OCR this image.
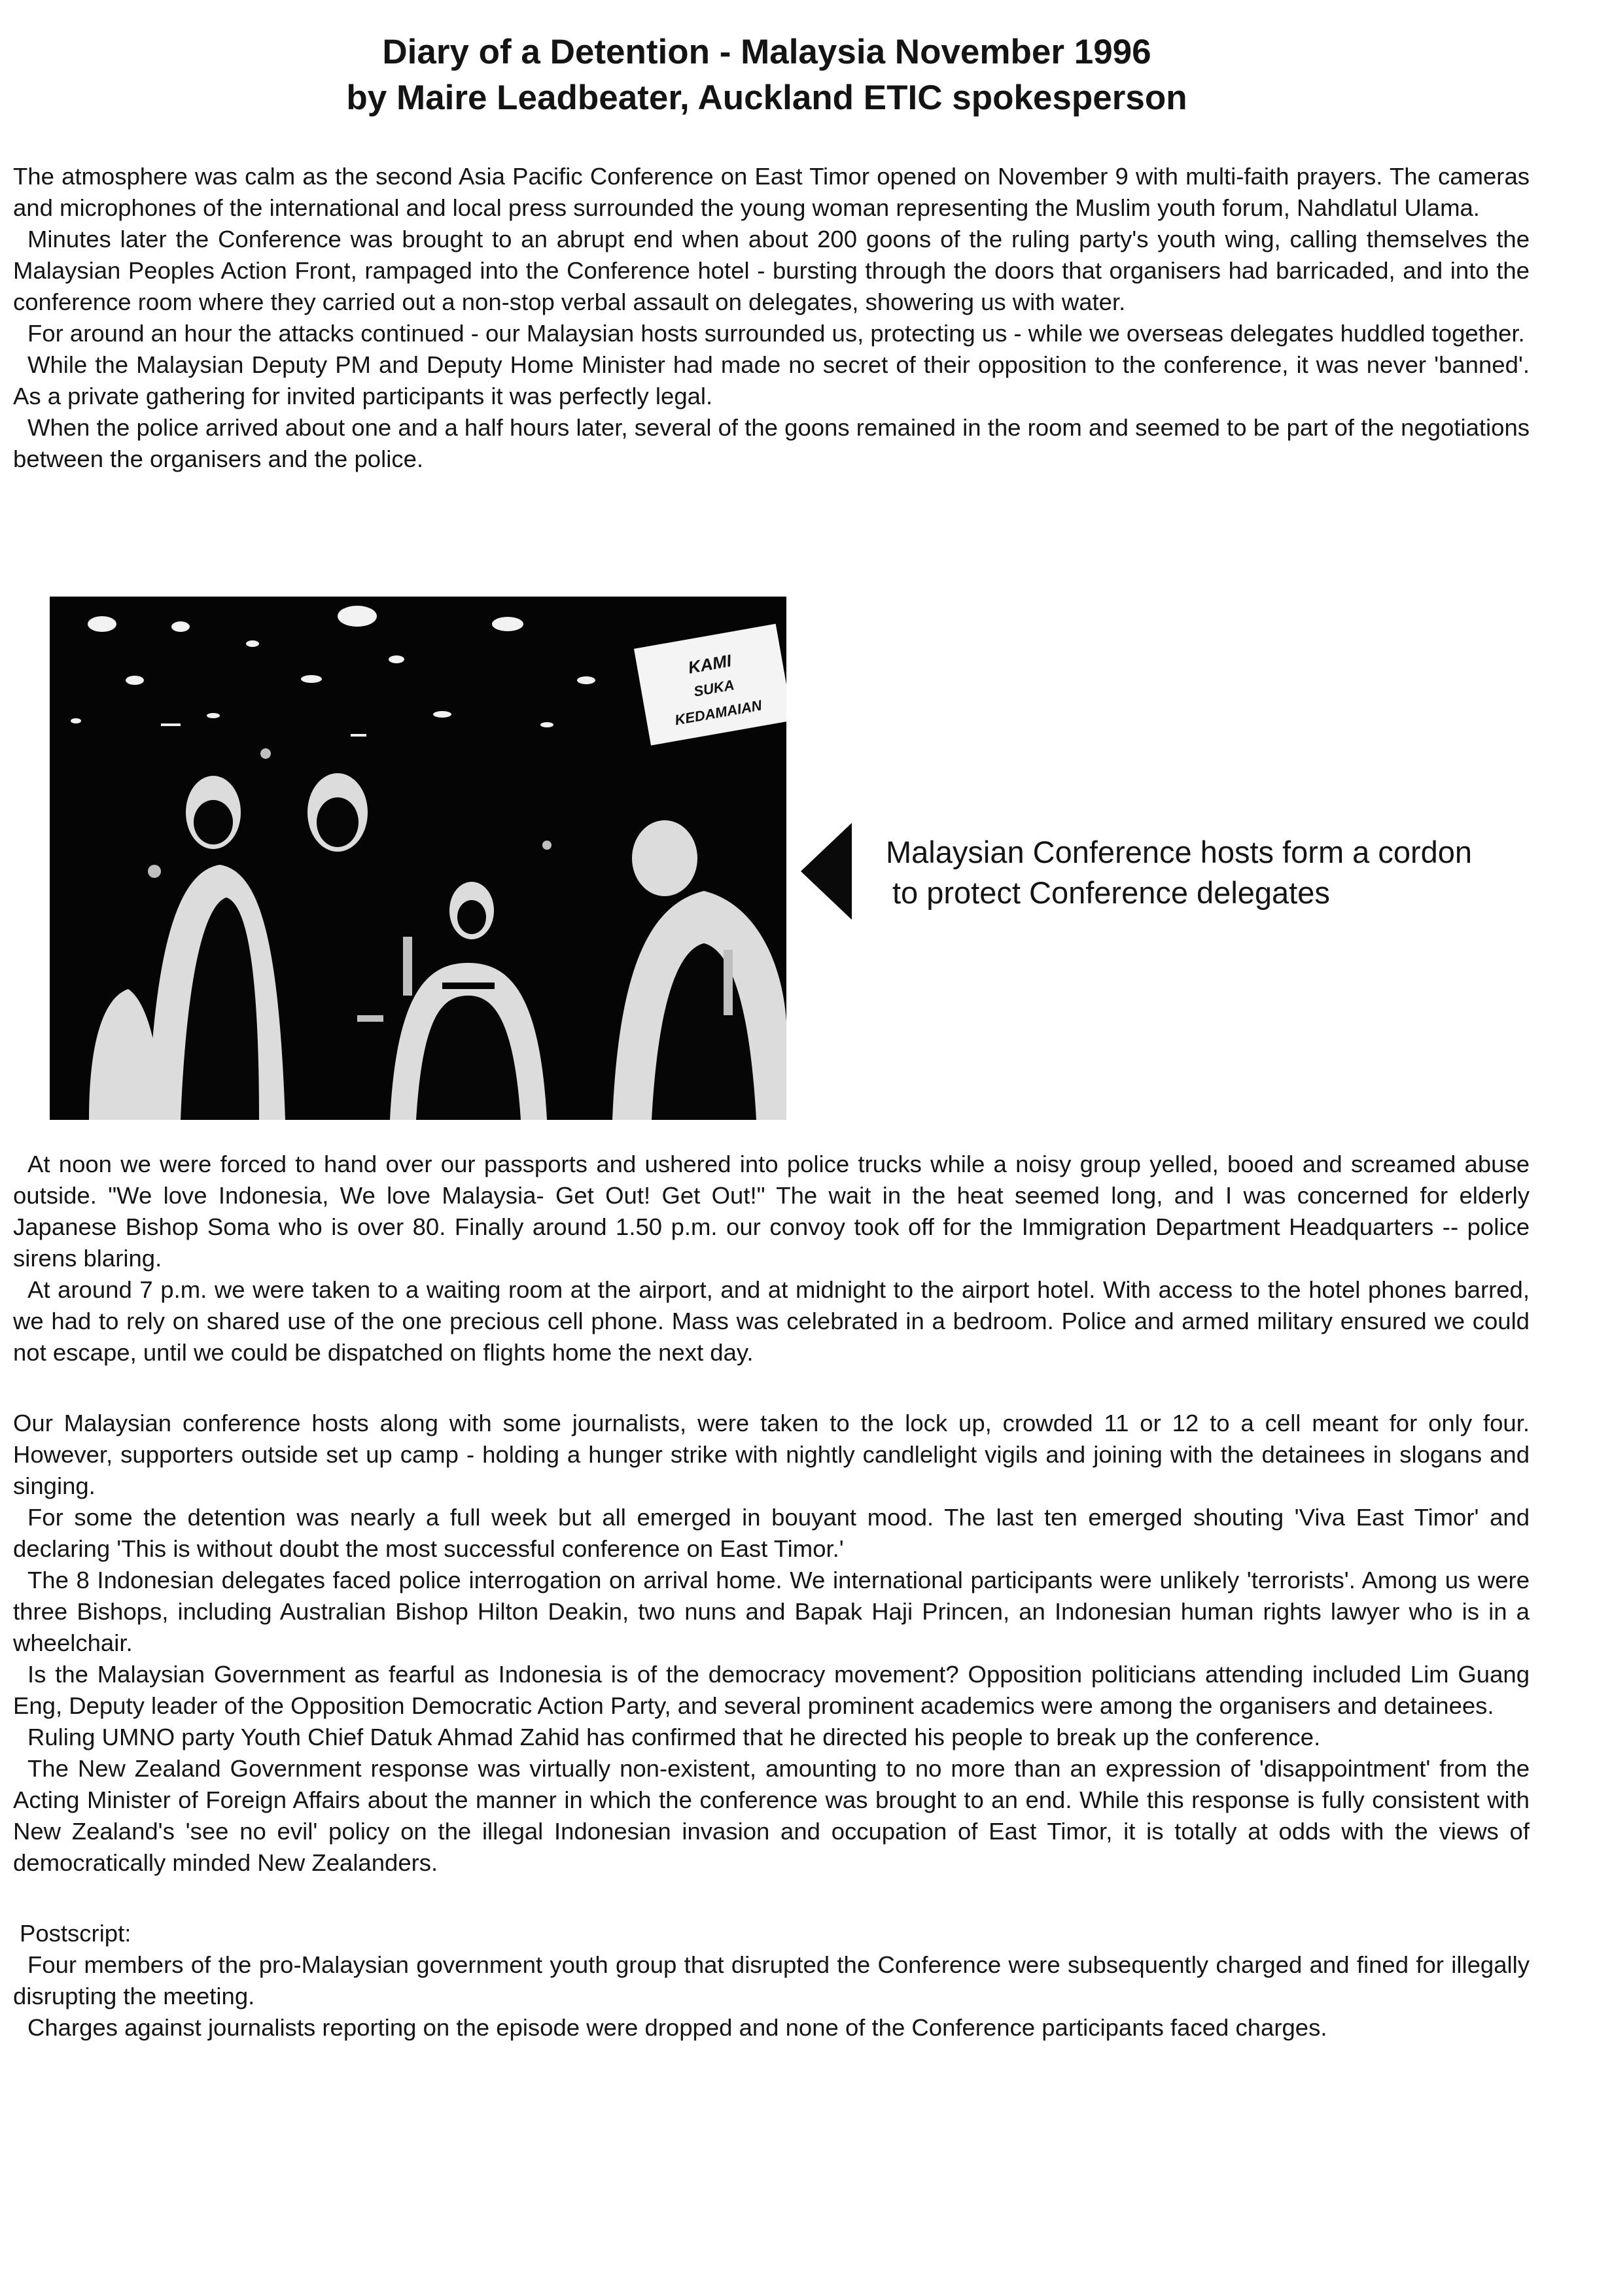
Diary of a Detention - Malaysia November 1996
by Maire Leadbeater, Auckland ETIC spokesperson

The atmosphere was calm as the second Asia Pacific Conference on East Timor opened on November 9 with multi-faith prayers. The cameras and microphones of the international and local press surrounded the young woman representing the Muslim youth forum, Nahdlatul Ulama.

Minutes later the Conference was brought to an abrupt end when about 200 goons of the ruling party's youth wing, calling themselves the Malaysian Peoples Action Front, rampaged into the Conference hotel - bursting through the doors that organisers had barricaded, and into the conference room where they carried out a non-stop verbal assault on delegates, showering us with water.

For around an hour the attacks continued - our Malaysian hosts surrounded us, protecting us - while we overseas delegates huddled together.

While the Malaysian Deputy PM and Deputy Home Minister had made no secret of their opposition to the conference, it was never 'banned'. As a private gathering for invited participants it was perfectly legal.

When the police arrived about one and a half hours later, several of the goons remained in the room and seemed to be part of the negotiations between the organisers and the police.

KAMI
SUKA
KEDAMAIAN

Malaysian Conference hosts form a cordon
to protect Conference delegates

At noon we were forced to hand over our passports and ushered into police trucks while a noisy group yelled, booed and screamed abuse outside. "We love Indonesia, We love Malaysia- Get Out! Get Out!" The wait in the heat seemed long, and I was concerned for elderly Japanese Bishop Soma who is over 80. Finally around 1.50 p.m. our convoy took off for the Immigration Department Headquarters -- police sirens blaring.

At around 7 p.m. we were taken to a waiting room at the airport, and at midnight to the airport hotel. With access to the hotel phones barred, we had to rely on shared use of the one precious cell phone. Mass was celebrated in a bedroom. Police and armed military ensured we could not escape, until we could be dispatched on flights home the next day.

Our Malaysian conference hosts along with some journalists, were taken to the lock up, crowded 11 or 12 to a cell meant for only four. However, supporters outside set up camp - holding a hunger strike with nightly candlelight vigils and joining with the detainees in slogans and singing.

For some the detention was nearly a full week but all emerged in bouyant mood. The last ten emerged shouting 'Viva East Timor' and declaring 'This is without doubt the most successful conference on East Timor.'

The 8 Indonesian delegates faced police interrogation on arrival home. We international participants were unlikely 'terrorists'. Among us were three Bishops, including Australian Bishop Hilton Deakin, two nuns and Bapak Haji Princen, an Indonesian human rights lawyer who is in a wheelchair.

Is the Malaysian Government as fearful as Indonesia is of the democracy movement? Opposition politicians attending included Lim Guang Eng, Deputy leader of the Opposition Democratic Action Party, and several prominent academics were among the organisers and detainees.

Ruling UMNO party Youth Chief Datuk Ahmad Zahid has confirmed that he directed his people to break up the conference.

The New Zealand Government response was virtually non-existent, amounting to no more than an expression of 'disappointment' from the Acting Minister of Foreign Affairs about the manner in which the conference was brought to an end. While this response is fully consistent with New Zealand's 'see no evil' policy on the illegal Indonesian invasion and occupation of East Timor, it is totally at odds with the views of democratically minded New Zealanders.

Postscript:

Four members of the pro-Malaysian government youth group that disrupted the Conference were subsequently charged and fined for illegally disrupting the meeting.

Charges against journalists reporting on the episode were dropped and none of the Conference participants faced charges.
